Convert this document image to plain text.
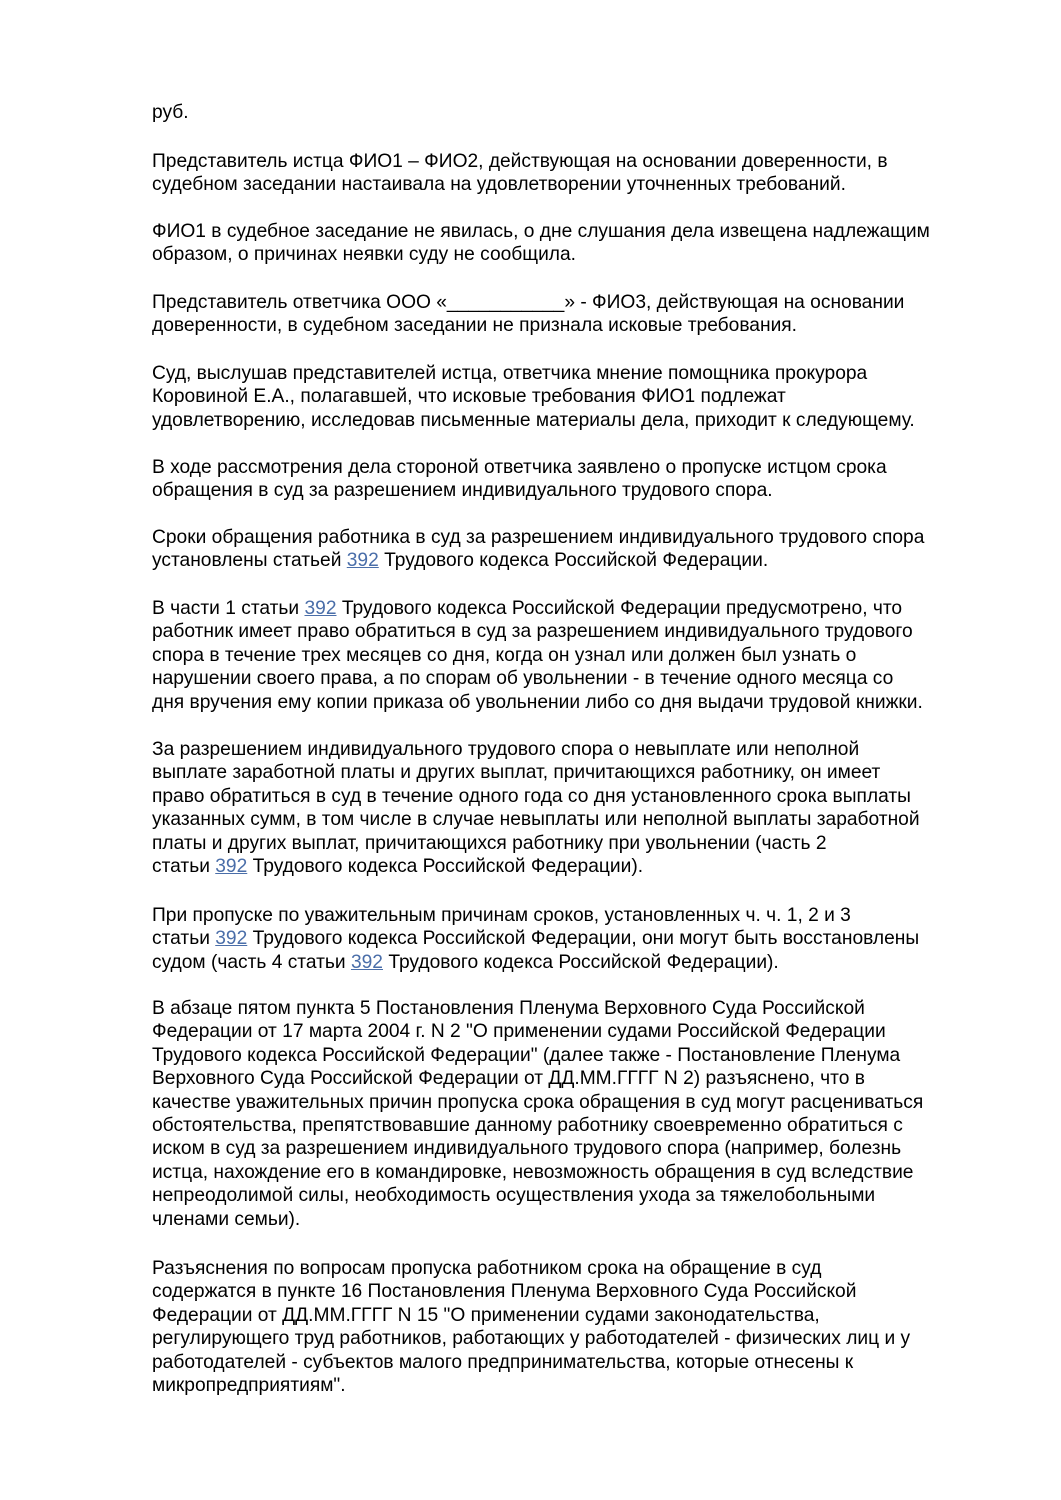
руб.

Представитель истца ФИО1 – ФИО2, действующая на основании доверенности, в
судебном заседании настаивала на удовлетворении уточненных требований.

ФИО1 в судебное заседание не явилась, о дне слушания дела извещена надлежащим
образом, о причинах неявки суду не сообщила.

Представитель ответчика ООО «___________» - ФИО3, действующая на основании
доверенности, в судебном заседании не признала исковые требования.

Суд, выслушав представителей истца, ответчика мнение помощника прокурора
Коровиной Е.А., полагавшей, что исковые требования ФИО1 подлежат
удовлетворению, исследовав письменные материалы дела, приходит к следующему.

В ходе рассмотрения дела стороной ответчика заявлено о пропуске истцом срока
обращения в суд за разрешением индивидуального трудового спора.

Сроки обращения работника в суд за разрешением индивидуального трудового спора
установлены статьей 392 Трудового кодекса Российской Федерации.

В части 1 статьи 392 Трудового кодекса Российской Федерации предусмотрено, что
работник имеет право обратиться в суд за разрешением индивидуального трудового
спора в течение трех месяцев со дня, когда он узнал или должен был узнать о
нарушении своего права, а по спорам об увольнении - в течение одного месяца со
дня вручения ему копии приказа об увольнении либо со дня выдачи трудовой книжки.

За разрешением индивидуального трудового спора о невыплате или неполной
выплате заработной платы и других выплат, причитающихся работнику, он имеет
право обратиться в суд в течение одного года со дня установленного срока выплаты
указанных сумм, в том числе в случае невыплаты или неполной выплаты заработной
платы и других выплат, причитающихся работнику при увольнении (часть 2
статьи 392 Трудового кодекса Российской Федерации).

При пропуске по уважительным причинам сроков, установленных ч. ч. 1, 2 и 3
статьи 392 Трудового кодекса Российской Федерации, они могут быть восстановлены
судом (часть 4 статьи 392 Трудового кодекса Российской Федерации).

В абзаце пятом пункта 5 Постановления Пленума Верховного Суда Российской
Федерации от 17 марта 2004 г. N 2 "О применении судами Российской Федерации
Трудового кодекса Российской Федерации" (далее также - Постановление Пленума
Верховного Суда Российской Федерации от ДД.ММ.ГГГГ N 2) разъяснено, что в
качестве уважительных причин пропуска срока обращения в суд могут расцениваться
обстоятельства, препятствовавшие данному работнику своевременно обратиться с
иском в суд за разрешением индивидуального трудового спора (например, болезнь
истца, нахождение его в командировке, невозможность обращения в суд вследствие
непреодолимой силы, необходимость осуществления ухода за тяжелобольными
членами семьи).

Разъяснения по вопросам пропуска работником срока на обращение в суд
содержатся в пункте 16 Постановления Пленума Верховного Суда Российской
Федерации от ДД.ММ.ГГГГ N 15 "О применении судами законодательства,
регулирующего труд работников, работающих у работодателей - физических лиц и у
работодателей - субъектов малого предпринимательства, которые отнесены к
микропредприятиям".
